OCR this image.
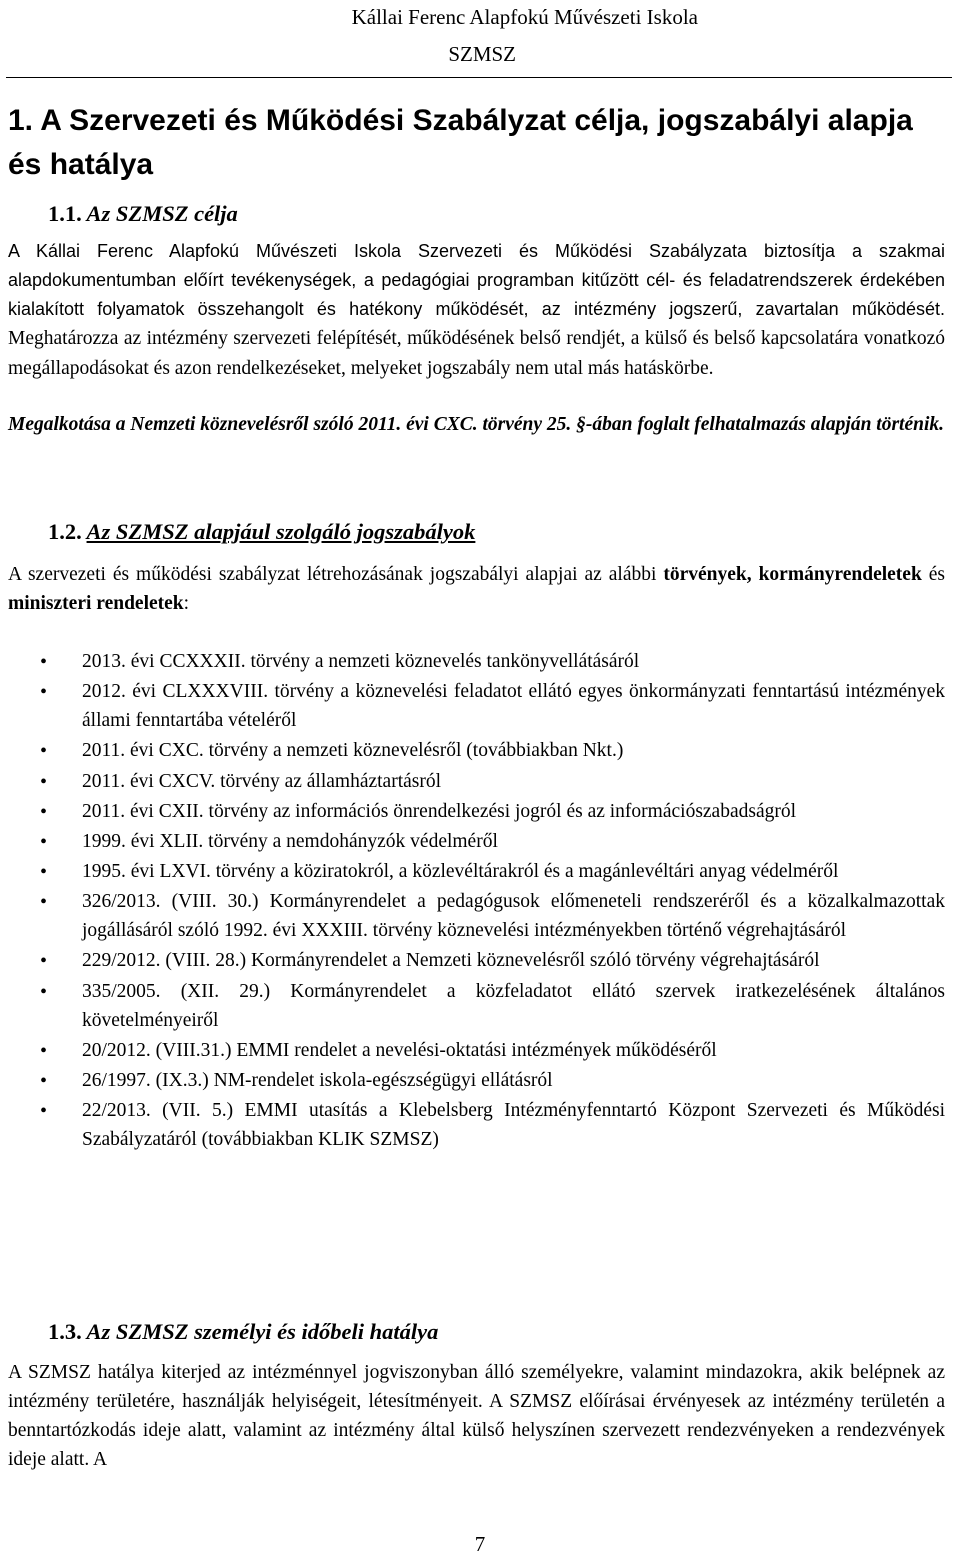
Kállai Ferenc Alapfokú Művészeti Iskola
SZMSZ
1. A Szervezeti és Működési Szabályzat célja, jogszabályi alapja és hatálya
1.1. Az SZMSZ célja
A Kállai Ferenc Alapfokú Művészeti Iskola Szervezeti és Működési Szabályzata biztosítja a szakmai alapdokumentumban előírt tevékenységek, a pedagógiai programban kitűzött cél- és feladatrendszerek érdekében kialakított folyamatok összehangolt és hatékony működését, az intézmény jogszerű, zavartalan működését. Meghatározza az intézmény szervezeti felépítését, működésének belső rendjét, a külső és belső kapcsolatára vonatkozó megállapodásokat és azon rendelkezéseket, melyeket jogszabály nem utal más hatáskörbe.
Megalkotása a Nemzeti köznevelésről szóló 2011. évi CXC. törvény 25. §-ában foglalt felhatalmazás alapján történik.
1.2. Az SZMSZ alapjául szolgáló jogszabályok
A szervezeti és működési szabályzat létrehozásának jogszabályi alapjai az alábbi törvények, kormányrendeletek és miniszteri rendeletek:
• 2013. évi CCXXXII. törvény a nemzeti köznevelés tankönyvellátásáról
• 2012. évi CLXXXVIII. törvény a köznevelési feladatot ellátó egyes önkormányzati fenntartású intézmények állami fenntartába vételéről
• 2011. évi CXC. törvény a nemzeti köznevelésről (továbbiakban Nkt.)
• 2011. évi CXCV. törvény az államháztartásról
• 2011. évi CXII. törvény az információs önrendelkezési jogról és az információszabadságról
• 1999. évi XLII. törvény a nemdohányzók védelméről
• 1995. évi LXVI. törvény a köziratokról, a közlevéltárakról és a magánlevéltári anyag védelméről
• 326/2013. (VIII. 30.) Kormányrendelet a pedagógusok előmeneteli rendszeréről és a közalkalmazottak jogállásáról szóló 1992. évi XXXIII. törvény köznevelési intézményekben történő végrehajtásáról
• 229/2012. (VIII. 28.) Kormányrendelet a Nemzeti köznevelésről szóló törvény végrehajtásáról
• 335/2005. (XII. 29.) Kormányrendelet a közfeladatot ellátó szervek iratkezelésének általános követelményeiről
• 20/2012. (VIII.31.) EMMI rendelet a nevelési-oktatási intézmények működéséről
• 26/1997. (IX.3.) NM-rendelet iskola-egészségügyi ellátásról
• 22/2013. (VII. 5.) EMMI utasítás a Klebelsberg Intézményfenntartó Központ Szervezeti és Működési Szabályzatáról (továbbiakban KLIK SZMSZ)
1.3. Az SZMSZ személyi és időbeli hatálya
A SZMSZ hatálya kiterjed az intézménnyel jogviszonyban álló személyekre, valamint mindazokra, akik belépnek az intézmény területére, használják helyiségeit, létesítményeit. A SZMSZ előírásai érvényesek az intézmény területén a benntartózkodás ideje alatt, valamint az intézmény által külső helyszínen szervezett rendezvényeken a rendezvények ideje alatt. A
7
